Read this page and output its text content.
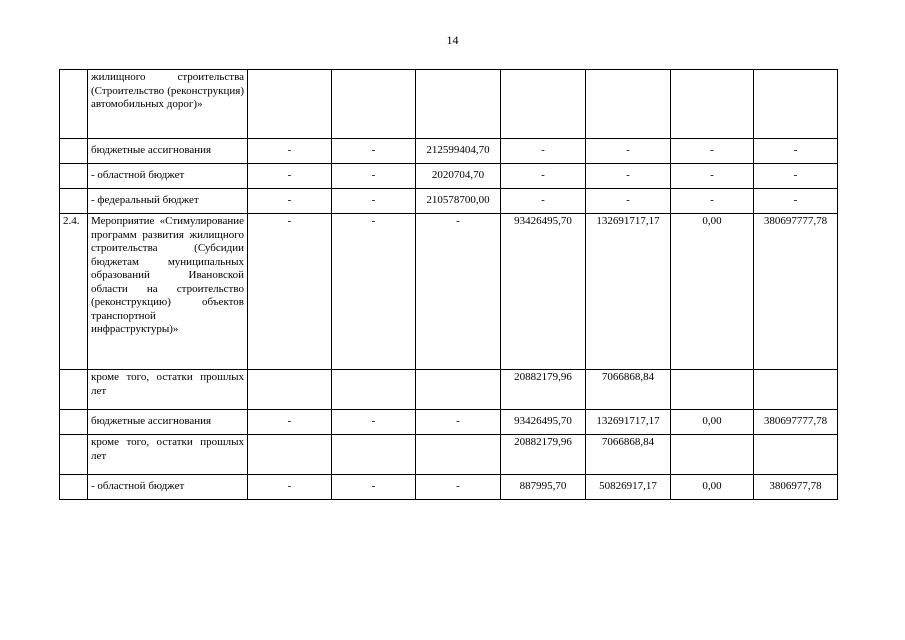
14

	жилищного строительства (Строительство (реконструкция) автомобильных дорог)»							

	бюджетные ассигнования	-	-	212599404,70	-	-	-	-

	- областной бюджет	-	-	2020704,70	-	-	-	-

	- федеральный бюджет	-	-	210578700,00	-	-	-	-
2.4.	Мероприятие «Стимулирование программ развития жилищного строительства (Субсидии бюджетам муниципальных образований Ивановской области на строительство (реконструкцию) объектов транспортной инфраструктуры)»	-	-	-	93426495,70	132691717,17	0,00	380697777,78

	кроме того, остатки прошлых лет				20882179,96	7066868,84		

	бюджетные ассигнования	-	-	-	93426495,70	132691717,17	0,00	380697777,78

	кроме того, остатки прошлых лет				20882179,96	7066868,84		

	- областной бюджет	-	-	-	887995,70	50826917,17	0,00	3806977,78
